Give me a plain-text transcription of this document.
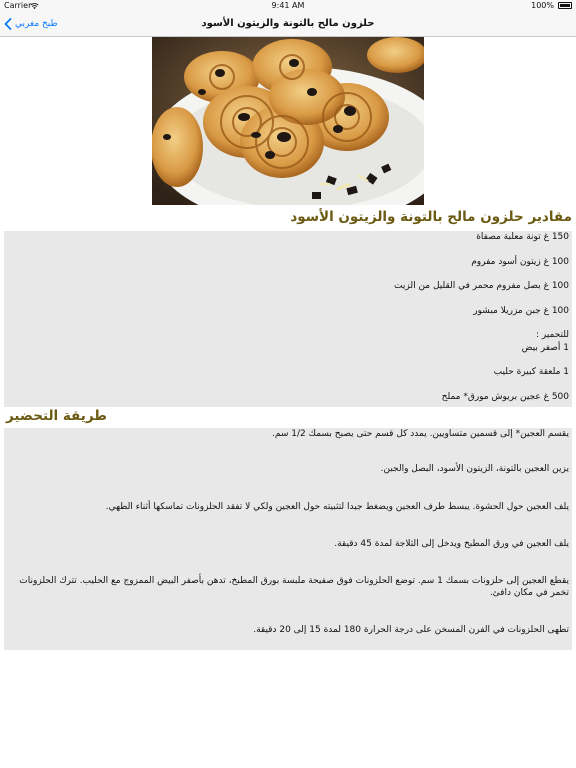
Carrier	9:41 AM	100%
حلزون مالح بالتونة والزيتون الأسود
طبخ مغربي
مقادير حلزون مالح بالتونة والزيتون الأسود
150 غ تونة معلبة مصفاة
100 غ زيتون أسود مفروم
100 غ بصل مفروم محمر في القليل من الزيت
100 غ جبن مزريلا مبشور
للتحمير :
1 أصفر بيض
1 ملعقة كبيرة حليب
500 غ عجين بريوش مورق* مملح
طريقة التحضير
يقسم العجين* إلى قسمين متساويين. يمدد كل قسم حتى يصبح بسمك 1/2 سم.
يزين العجين بالتونة، الزيتون الأسود، البصل والجبن.
يلف العجين حول الحشوة. يبسط طرف العجين ويضغط جيدا لتثبيته حول العجين ولكي لا تفقد الحلزونات تماسكها أثناء الطهي.
يلف العجين في ورق المطبخ ويدخل إلى الثلاجة لمدة 45 دقيقة.
يقطع العجين إلى حلزونات بسمك 1 سم. توضع الحلزونات فوق صفيحة ملبسة بورق المطبخ، تدهن بأصفر البيض الممزوج مع الحليب. تترك الحلزونات تخمر في مكان دافئ.
تطهى الحلزونات في الفرن المسخن على درجة الحرارة 180 لمدة 15 إلى 20 دقيقة.
